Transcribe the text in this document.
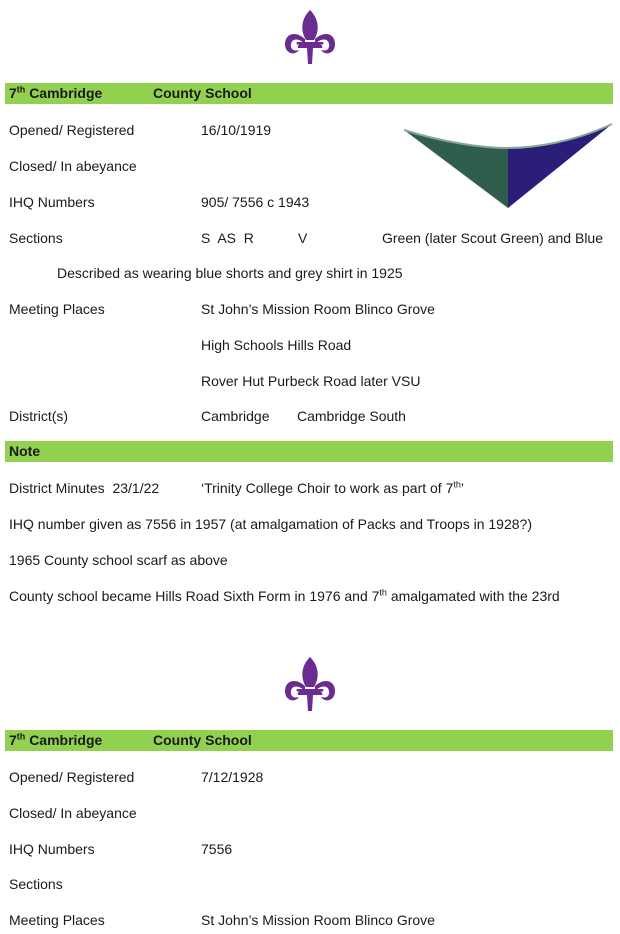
7th Cambridge	County School
Opened/ Registered	16/10/1919
Closed/ In abeyance
IHQ Numbers	905/ 7556 c 1943
Sections	S  AS  R	V	Green (later Scout Green) and Blue
Described as wearing blue shorts and grey shirt in 1925
Meeting Places	St John’s Mission Room Blinco Grove
High Schools Hills Road
Rover Hut Purbeck Road later VSU
District(s)	Cambridge Cambridge South
Note
District Minutes  23/1/22	‘Trinity College Choir to work as part of 7th’
IHQ number given as 7556 in 1957 (at amalgamation of Packs and Troops in 1928?)
1965 County school scarf as above
County school became Hills Road Sixth Form in 1976 and 7th amalgamated with the 23rd
7th Cambridge	County School
Opened/ Registered	7/12/1928
Closed/ In abeyance
IHQ Numbers	7556
Sections
Meeting Places	St John’s Mission Room Blinco Grove
